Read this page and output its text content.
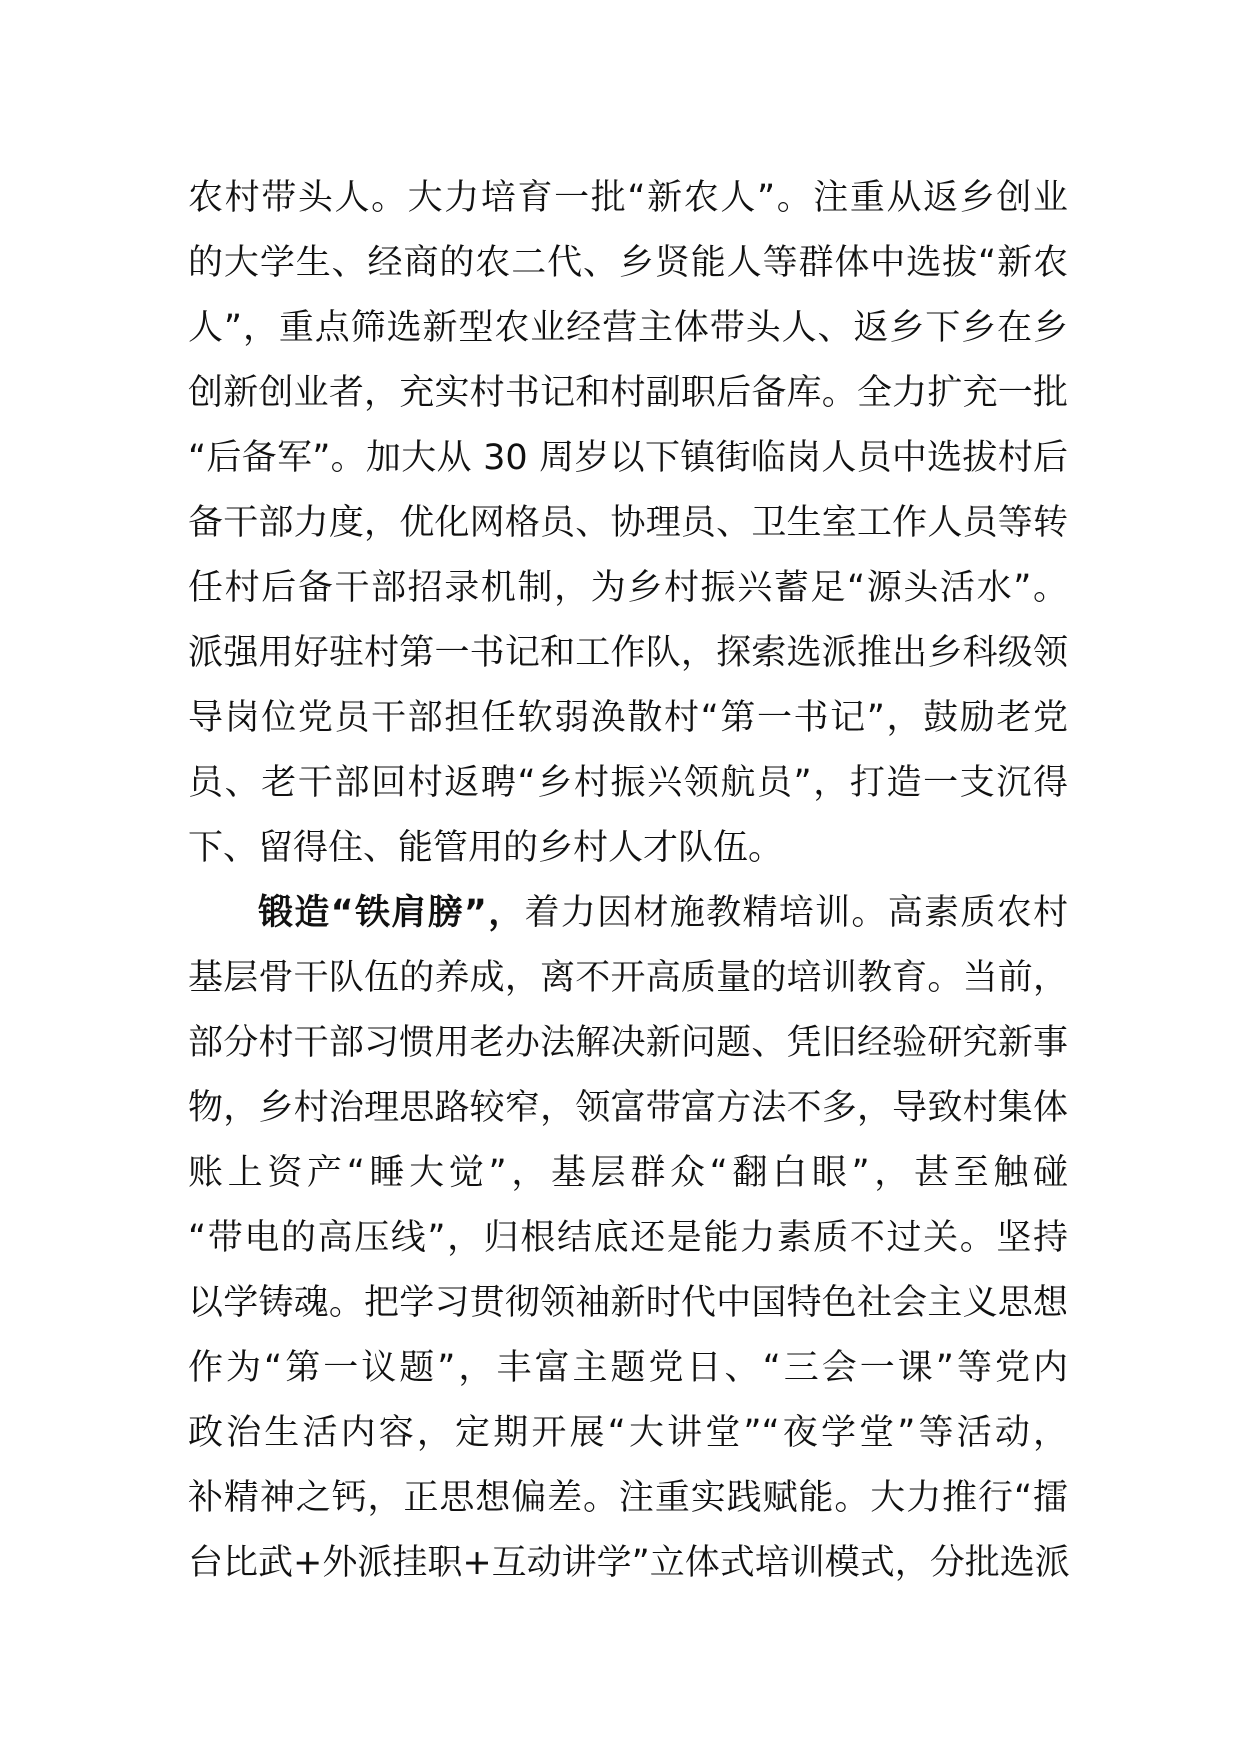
农村带头人。大力培育一批“新农人”。注重从返乡创业
的大学生、经商的农二代、乡贤能人等群体中选拔“新农
人”，重点筛选新型农业经营主体带头人、返乡下乡在乡
创新创业者，充实村书记和村副职后备库。全力扩充一批
“后备军”。加大从 30 周岁以下镇街临岗人员中选拔村后
备干部力度，优化网格员、协理员、卫生室工作人员等转
任村后备干部招录机制，为乡村振兴蓄足“源头活水”。
派强用好驻村第一书记和工作队，探索选派推出乡科级领
导岗位党员干部担任软弱涣散村“第一书记”，鼓励老党
员、老干部回村返聘“乡村振兴领航员”，打造一支沉得
下、留得住、能管用的乡村人才队伍。
锻造“铁肩膀”，着力因材施教精培训。高素质农村
基层骨干队伍的养成，离不开高质量的培训教育。当前，
部分村干部习惯用老办法解决新问题、凭旧经验研究新事
物，乡村治理思路较窄，领富带富方法不多，导致村集体
账上资产“睡大觉”，基层群众“翻白眼”，甚至触碰
“带电的高压线”，归根结底还是能力素质不过关。坚持
以学铸魂。把学习贯彻领袖新时代中国特色社会主义思想
作为“第一议题”，丰富主题党日、“三会一课”等党内
政治生活内容，定期开展“大讲堂”“夜学堂”等活动，
补精神之钙，正思想偏差。注重实践赋能。大力推行“擂
台比武+外派挂职+互动讲学”立体式培训模式，分批选派
